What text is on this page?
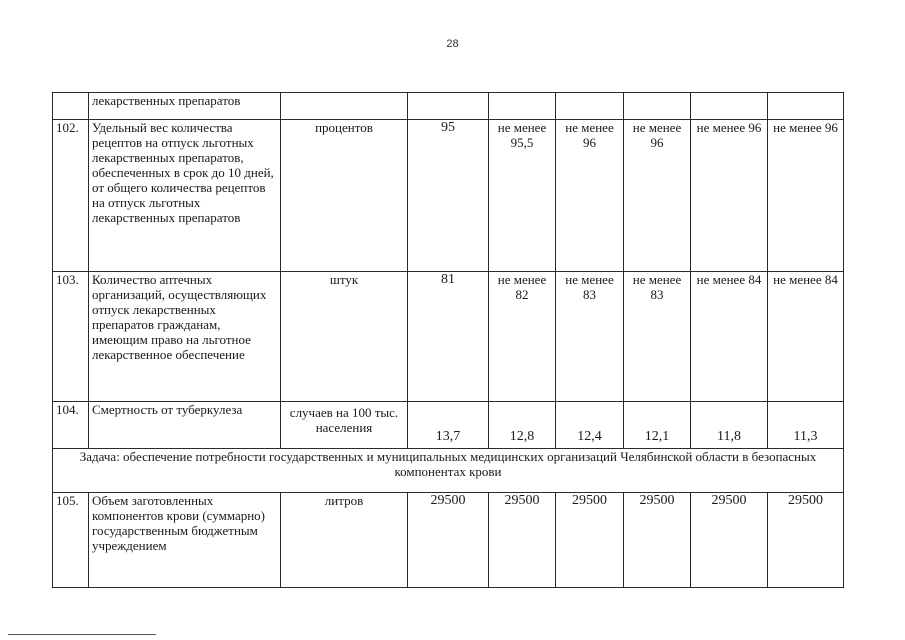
28
	лекарственных препаратов							
102.	Удельный вес количества рецептов на отпуск льготных лекарственных препаратов, обеспеченных в срок до 10 дней, от общего количества рецептов на отпуск льготных лекарственных препаратов	процентов	95	не менее 95,5	не менее 96	не менее 96	не менее 96	не менее 96
103.	Количество аптечных организаций, осуществляющих отпуск лекарственных препаратов гражданам, имеющим право на льготное лекарственное обеспечение	штук	81	не менее 82	не менее 83	не менее 83	не менее 84	не менее 84
104.	Смертность от туберкулеза	случаев на 100 тыс. населения	13,7	12,8	12,4	12,1	11,8	11,3
Задача: обеспечение потребности государственных и муниципальных медицинских организаций Челябинской области в безопасных компонентах крови								
105.	Объем заготовленных компонентов крови (суммарно) государственным бюджетным учреждением	литров	29500	29500	29500	29500	29500	29500
